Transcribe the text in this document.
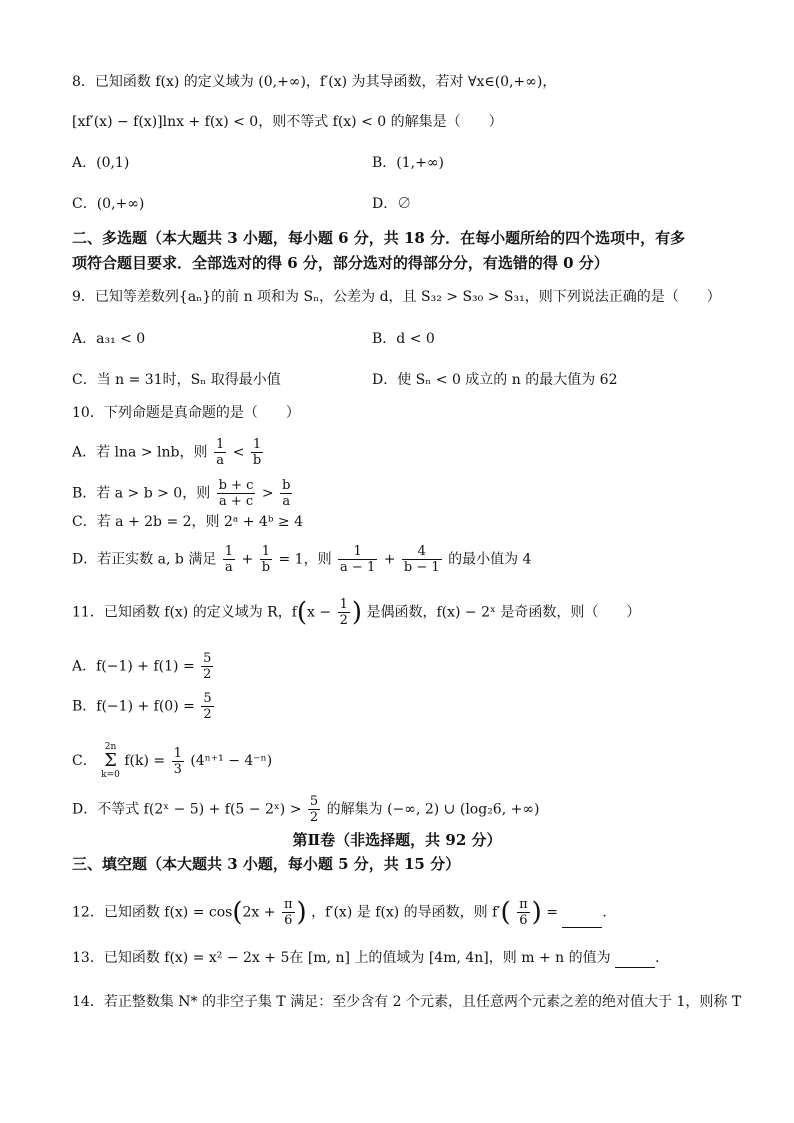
8．已知函数 f(x) 的定义域为 (0,+∞)，f′(x) 为其导函数，若对 ∀x∈(0,+∞)，
[xf′(x) − f(x)]lnx + f(x) < 0，则不等式 f(x) < 0 的解集是（　　）
A．(0,1)	B．(1,+∞)
C．(0,+∞)	D．∅
二、多选题（本大题共 3 小题，每小题 6 分，共 18 分．在每小题所给的四个选项中，有多
项符合题目要求．全部选对的得 6 分，部分选对的得部分分，有选错的得 0 分）
9．已知等差数列{aₙ}的前 n 项和为 Sₙ，公差为 d，且 S₃₂ > S₃₀ > S₃₁，则下列说法正确的是（　　）
A．a₃₁ < 0	B．d < 0
C．当 n = 31时，Sₙ 取得最小值	D．使 Sₙ < 0 成立的 n 的最大值为 62
10．下列命题是真命题的是（　　）
A．若 lna > lnb，则 $\frac{1}{a} < \frac{1}{b}$
B．若 a > b > 0，则 $\frac{b + c}{a + c} > \frac{b}{a}$
C．若 a + 2b = 2，则 2ᵃ + 4ᵇ ≥ 4
D．若正实数 a, b 满足 $\frac{1}{a} + \frac{1}{b} = 1$，则 $\frac{1}{a - 1} + \frac{4}{b - 1}$ 的最小值为 4
11．已知函数 f(x) 的定义域为 R，$f(x - \frac{1}{2}$ ) 是偶函数，f(x) − 2ˣ 是奇函数，则（　　）
A．$f(-1) + f(1) = \frac{5}{2}$
B．$f(-1) + f(0) = \frac{5}{2}$
C． 2n
Σ
k=0 $f(k) = \frac{1}{3} (4^{n+1} - 4^{-n})$
D．不等式 f(2ˣ − 5) + f(5 − 2ˣ) > $\frac{5}{2}$ 的解集为 (−∞, 2) ∪ (log₂6, +∞)
第Ⅱ卷（非选择题，共 92 分）
三、填空题（本大题共 3 小题，每小题 5 分，共 15 分）
12．已知函数 $f(x) = \cos(2x + \frac{\pi}{6}$ ) ，f′(x) 是 f(x) 的导函数，则 $f'( \frac{\pi}{6}$ ) =	．
13．已知函数 f(x) = x² − 2x + 5在 [m, n] 上的值域为 [4m, 4n]，则 m + n 的值为	．
14．若正整数集 N* 的非空子集 T 满足：至少含有 2 个元素，且任意两个元素之差的绝对值大于 1，则称 T
